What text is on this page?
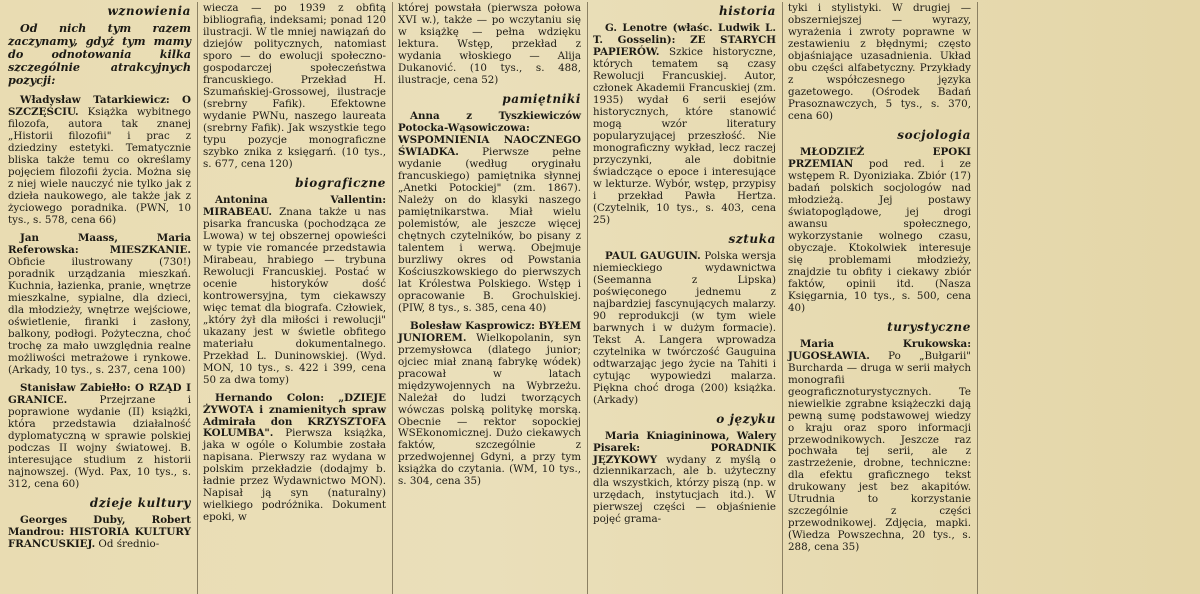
wznowienia
Od nich tym razem zaczynamy, gdyż tym mamy do odnotowania kilka szczególnie atrakcyjnych pozycji:

Władysław Tatarkiewicz: O SZCZĘŚCIU. Książka wybitnego filozofa, autora tak znanej „Historii filozofii" i prac z dziedziny estetyki. Tematycznie bliska także temu co określamy pojęciem filozofii życia. Można się z niej wiele nauczyć nie tylko jak z dzieła naukowego, ale także jak z życiowego poradnika. (PWN, 10 tys., s. 578, cena 66)

Jan Maass, Maria Referowska:	MIESZKANIE. Obficie ilustrowany (730!) poradnik urządzania mieszkań. Kuchnia, łazienka, pranie, wnętrze mieszkalne, sypialne, dla dzieci, dla młodzieży, wnętrze wejściowe, oświetlenie, firanki i zasłony, balkony, podłogi. Pożyteczna, choć trochę za mało uwzględnia realne możliwości metrażowe i rynkowe. (Arkady, 10 tys., s. 237, cena 100)

Stanisław Zabiełło: O RZĄD I GRANICE. Przejrzane i poprawione wydanie (II) książki, która przedstawia działalność dyplomatyczną w sprawie polskiej podczas II wojny światowej. B. interesujące studium z historii najnowszej. (Wyd. Pax, 10 tys., s. 312, cena 60)

dzieje kultury

Georges Duby, Robert Mandrou: HISTORIA KULTURY FRANCUSKIEJ. Od średnio-

wiecza — po 1939 z obfitą bibliografią, indeksami; ponad 120 ilustracji. W tle mniej nawiązań do dziejów politycznych, natomiast sporo — do ewolucji społeczno-gospodarczej społeczeństwa francuskiego. Przekład H. Szumańskiej-Grossowej, ilustracje (srebrny Fafik). Efektowne wydanie PWNu, naszego laureata (srebrny Fafik). Jak wszystkie tego typu pozycje monograficzne szybko znika z księgarń. (10 tys., s. 677, cena 120)

biograficzne

Antonina Vallentin: MIRABEAU. Znana także u nas pisarka francuska (pochodząca ze Lwowa) w tej obszernej opowieści w typie vie romancée przedstawia Mirabeau, hrabiego — trybuna Rewolucji Francuskiej. Postać w ocenie historyków dość kontrowersyjna, tym ciekawszy więc temat dla biografa. Człowiek, „który żył dla miłości i rewolucji" ukazany jest w świetle obfitego materiału dokumentalnego. Przekład L. Duninowskiej. (Wyd. MON, 10 tys., s. 422 i 399, cena 50 za dwa tomy)

Hernando Colon: „DZIEJE ŻYWOTA i znamienitych spraw Admirała don KRZYSZTOFA KOLUMBA". Pierwsza książka, jaka w ogóle o Kolumbie została napisana. Pierwszy raz wydana w polskim przekładzie (dodajmy b. ładnie przez Wydawnictwo MON). Napisał ją syn (naturalny) wielkiego podróżnika. Dokument epoki, w

której powstała (pierwsza połowa XVI w.), także — po wczytaniu się w książkę — pełna wdzięku lektura. Wstęp, przekład z wydania włoskiego — Alija Dukanović. (10 tys., s. 488, ilustracje, cena 52)

pamiętniki

Anna z Tyszkiewiczów Potocka-Wąsowiczowa: WSPOMNIENIA NAOCZNEGO ŚWIADKA. Pierwsze pełne wydanie (według oryginału francuskiego) pamiętnika słynnej „Anetki Potockiej" (zm. 1867). Należy on do klasyki naszego pamiętnikarstwa. Miał wielu polemistów, ale jeszcze więcej chętnych czytelników, bo pisany z talentem i werwą. Obejmuje burzliwy okres od Powstania Kościuszkowskiego do pierwszych lat Królestwa Polskiego. Wstęp i opracowanie B. Grochulskiej. (PIW, 8 tys., s. 385, cena 40)

Bolesław Kasprowicz: BYŁEM JUNIOREM. Wielkopolanin, syn przemysłowca (dlatego junior; ojciec miał znaną fabrykę wódek) pracował w latach międzywojennych na Wybrzeżu. Należał do ludzi tworzących wówczas polską politykę morską. Obecnie — rektor sopockiej WSEkonomicznej. Dużo ciekawych faktów, szczególnie z przedwojennej Gdyni, a przy tym książka do czytania. (WM, 10 tys., s. 304, cena 35)

historia

G. Lenotre (właśc. Ludwik L. T. Gosselin): ZE STARYCH PAPIERÓW. Szkice historyczne, których tematem są czasy Rewolucji Francuskiej. Autor, członek Akademii Francuskiej (zm. 1935) wydał 6 serii esejów historycznych, które stanowić mogą wzór literatury popularyzującej przeszłość. Nie monograficzny wykład, lecz raczej przyczynki, ale dobitnie świadczące o epoce i interesujące w lekturze. Wybór, wstęp, przypisy i przekład Pawła Hertza. (Czytelnik, 10 tys., s. 403, cena 25)

sztuka

PAUL GAUGUIN. Polska wersja niemieckiego wydawnictwa (Seemanna z Lipska) poświęconego jednemu z najbardziej fascynujących malarzy. 90 reprodukcji (w tym wiele barwnych i w dużym formacie). Tekst A. Langera wprowadza czytelnika w twórczość Gauguina odtwarzając jego życie na Tahiti i cytując wypowiedzi malarza. Piękna choć droga (200) książka. (Arkady)

o języku

Maria Kniagininowa, Walery Pisarek:	PORADNIK JĘZYKOWY wydany z myślą o dziennikarzach, ale b. użyteczny dla wszystkich, którzy piszą (np. w urzędach, instytucjach itd.). W pierwszej części — objaśnienie pojęć grama-

tyki i stylistyki. W drugiej — obszerniejszej — wyrazy, wyrażenia i zwroty poprawne w zestawieniu z błędnymi; często objaśniające uzasadnienia. Układ obu części alfabetyczny. Przykłady z współczesnego języka gazetowego. (Ośrodek Badań Prasoznawczych, 5 tys., s. 370, cena 60)

socjologia

MŁODZIEŻ EPOKI PRZEMIAN pod red. i ze wstępem R. Dyoniziaka. Zbiór (17) badań polskich socjologów nad młodzieżą. Jej postawy światopoglądowe, jej drogi awansu społecznego, wykorzystanie wolnego czasu, obyczaje. Ktokolwiek interesuje się problemami młodzieży, znajdzie tu obfity i ciekawy zbiór faktów, opinii itd. (Nasza Księgarnia, 10 tys., s. 500, cena 40)

turystyczne

Maria Krukowska: JUGOSŁAWIA. Po „Bułgarii" Burcharda — druga w serii małych monografii geograficznoturystycznych. Te niewielkie zgrabne książeczki dają pewną sumę podstawowej wiedzy o kraju oraz sporo informacji przewodnikowych. Jeszcze raz pochwała tej serii, ale z zastrzeżenie, drobne, techniczne: dla efektu graficznego tekst drukowany jest bez akapitów. Utrudnia to korzystanie szczególnie z części przewodnikowej. Zdjęcia, mapki. (Wiedza Powszechna, 20 tys., s. 288, cena 35)
